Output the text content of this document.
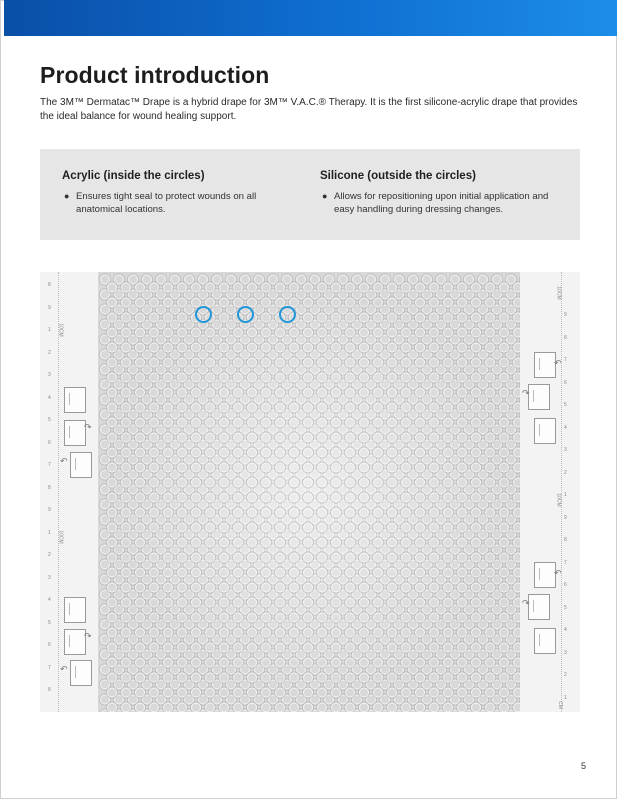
Product introduction

The 3M™ Dermatac™ Drape is a hybrid drape for 3M™ V.A.C.® Therapy. It is the first silicone-acrylic drape that provides the ideal balance for wound healing support.

Acrylic (inside the circles)
● Ensures tight seal to protect wounds on all anatomical locations.
Silicone (outside the circles)
● Allows for repositioning upon initial application and easy handling during dressing changes.
8
9
1
2
3
4
5
6
7
8
9
1
2
3
4
5
6
7
8
10CM
10CM
↷
↶
↷
↶
9
8
7
6
5
4
3
2
1
9
8
7
6
5
4
3
2
1
10CM
10CM
CM
↶
↷
↶
↷

5
